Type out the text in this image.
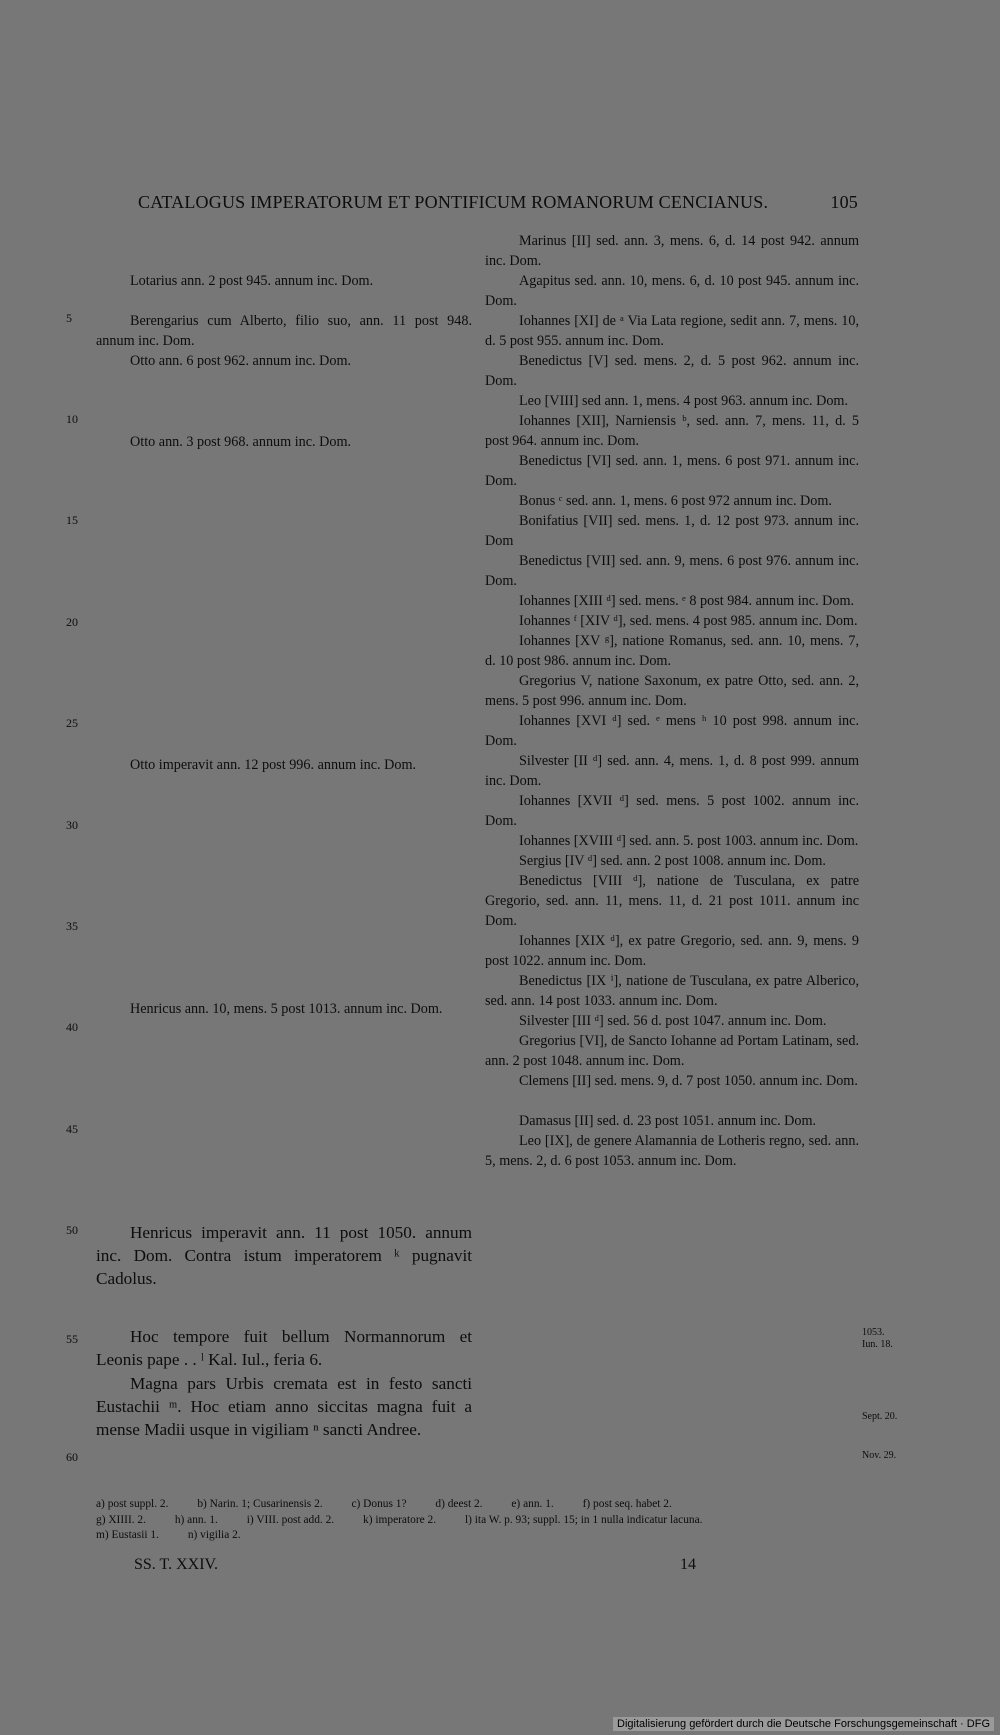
CATALOGUS IMPERATORUM ET PONTIFICUM ROMANORUM CENCIANUS.	105
5
10
15
20
25
30
35
40
45
50
55
60

Lotarius ann. 2 post 945. annum inc. Dom.

Berengarius cum Alberto, filio suo, ann. 11 post 948. annum inc. Dom.

Otto ann. 6 post 962. annum inc. Dom.

Otto ann. 3 post 968. annum inc. Dom.

Otto imperavit ann. 12 post 996. annum inc. Dom.

Henricus ann. 10, mens. 5 post 1013. annum inc. Dom.

Henricus imperavit ann. 11 post 1050. annum inc. Dom. Contra istum imperatorem ᵏ pugnavit Cadolus.

Hoc tempore fuit bellum Normannorum et Leonis pape . . ˡ Kal. Iul., feria 6.

Magna pars Urbis cremata est in festo sancti Eustachii ᵐ. Hoc etiam anno siccitas magna fuit a mense Madii usque in vigiliam ⁿ sancti Andree.

Marinus [II] sed. ann. 3, mens. 6, d. 14 post 942. annum inc. Dom.

Agapitus sed. ann. 10, mens. 6, d. 10 post 945. annum inc. Dom.

Iohannes [XI] de ᵃ Via Lata regione, sedit ann. 7, mens. 10, d. 5 post 955. annum inc. Dom.

Benedictus [V] sed. mens. 2, d. 5 post 962. annum inc. Dom.

Leo [VIII] sed ann. 1, mens. 4 post 963. annum inc. Dom.

Iohannes [XII], Narniensis ᵇ, sed. ann. 7, mens. 11, d. 5 post 964. annum inc. Dom.

Benedictus [VI] sed. ann. 1, mens. 6 post 971. annum inc. Dom.

Bonus ᶜ sed. ann. 1, mens. 6 post 972 annum inc. Dom.

Bonifatius [VII] sed. mens. 1, d. 12 post 973. annum inc. Dom

Benedictus [VII] sed. ann. 9, mens. 6 post 976. annum inc. Dom.

Iohannes [XIII ᵈ] sed. mens. ᵉ 8 post 984. annum inc. Dom.

Iohannes ᶠ [XIV ᵈ], sed. mens. 4 post 985. annum inc. Dom.

Iohannes [XV ᵍ], natione Romanus, sed. ann. 10, mens. 7, d. 10 post 986. annum inc. Dom.

Gregorius V, natione Saxonum, ex patre Otto, sed. ann. 2, mens. 5 post 996. annum inc. Dom.

Iohannes [XVI ᵈ] sed. ᵉ mens ʰ 10 post 998. annum inc. Dom.

Silvester [II ᵈ] sed. ann. 4, mens. 1, d. 8 post 999. annum inc. Dom.

Iohannes [XVII ᵈ] sed. mens. 5 post 1002. annum inc. Dom.

Iohannes [XVIII ᵈ] sed. ann. 5. post 1003. annum inc. Dom.

Sergius [IV ᵈ] sed. ann. 2 post 1008. annum inc. Dom.

Benedictus [VIII ᵈ], natione de Tusculana, ex patre Gregorio, sed. ann. 11, mens. 11, d. 21 post 1011. annum inc Dom.

Iohannes [XIX ᵈ], ex patre Gregorio, sed. ann. 9, mens. 9 post 1022. annum inc. Dom.

Benedictus [IX ⁱ], natione de Tusculana, ex patre Alberico, sed. ann. 14 post 1033. annum inc. Dom.

Silvester [III ᵈ] sed. 56 d. post 1047. annum inc. Dom.

Gregorius [VI], de Sancto Iohanne ad Portam Latinam, sed. ann. 2 post 1048. annum inc. Dom.

Clemens [II] sed. mens. 9, d. 7 post 1050. annum inc. Dom.

Damasus [II] sed. d. 23 post 1051. annum inc. Dom.

Leo [IX], de genere Alamannia de Lotheris regno, sed. ann. 5, mens. 2, d. 6 post 1053. annum inc. Dom.

1053.
Iun. 18.
Sept. 20.
Nov. 29.
a) post suppl. 2.	b) Narin. 1; Cusarinensis 2.	c) Donus 1?	d) deest 2.	e) ann. 1.	f) post seq. habet 2.
g) XIIII. 2.	h) ann. 1.	i) VIII. post add. 2.	k) imperatore 2.	l) ita W. p. 93; suppl. 15; in 1 nulla indicatur lacuna.
m) Eustasii 1.	n) vigilia 2.
SS. T. XXIV.	14
Digitalisierung gefördert durch die Deutsche Forschungsgemeinschaft · DFG
